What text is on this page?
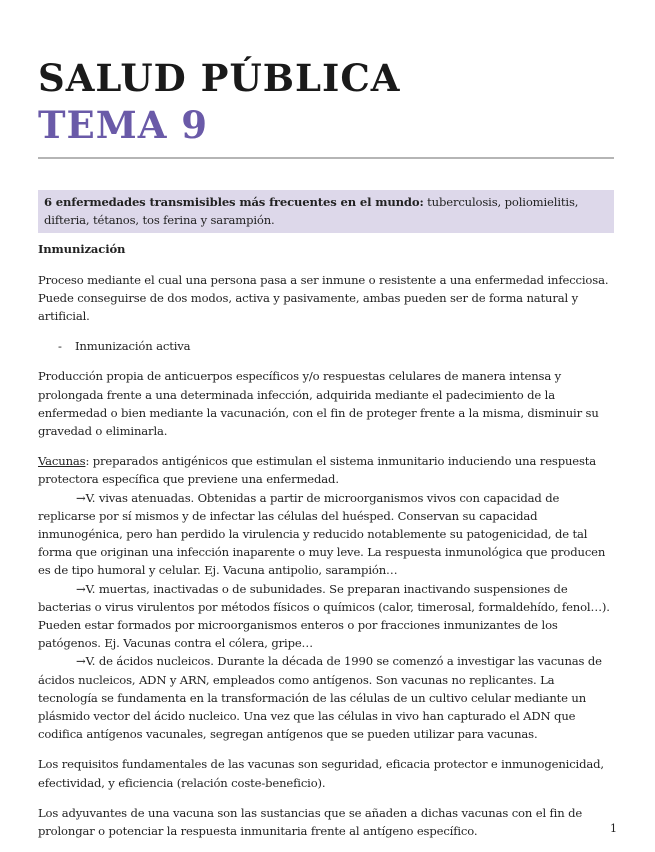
SALUD PÚBLICA
TEMA 9
6 enfermedades transmisibles más frecuentes en el mundo: tuberculosis, poliomielitis, difteria, tétanos, tos ferina y sarampión.

Inmunización

Proceso mediante el cual una persona pasa a ser inmune o resistente a una enfermedad infecciosa. Puede conseguirse de dos modos, activa y pasivamente, ambas pueden ser de forma natural y artificial.

- Inmunización activa

Producción propia de anticuerpos específicos y/o respuestas celulares de manera intensa y prolongada frente a una determinada infección, adquirida mediante el padecimiento de la enfermedad o bien mediante la vacunación, con el fin de proteger frente a la misma, disminuir su gravedad o eliminarla.

Vacunas: preparados antigénicos que estimulan el sistema inmunitario induciendo una respuesta protectora específica que previene una enfermedad.

→V. vivas atenuadas. Obtenidas a partir de microorganismos vivos con capacidad de replicarse por sí mismos y de infectar las células del huésped. Conservan su capacidad inmunogénica, pero han perdido la virulencia y reducido notablemente su patogenicidad, de tal forma que originan una infección inaparente o muy leve. La respuesta inmunológica que producen es de tipo humoral y celular. Ej. Vacuna antipolio, sarampión…

→V. muertas, inactivadas o de subunidades. Se preparan inactivando suspensiones de bacterias o virus virulentos por métodos físicos o químicos (calor, timerosal, formaldehído, fenol…). Pueden estar formados por microorganismos enteros o por fracciones inmunizantes de los patógenos. Ej. Vacunas contra el cólera, gripe…

→V. de ácidos nucleicos. Durante la década de 1990 se comenzó a investigar las vacunas de ácidos nucleicos, ADN y ARN, empleados como antígenos. Son vacunas no replicantes. La tecnología se fundamenta en la transformación de las células de un cultivo celular mediante un plásmido vector del ácido nucleico. Una vez que las células in vivo han capturado el ADN que codifica antígenos vacunales, segregan antígenos que se pueden utilizar para vacunas.

Los requisitos fundamentales de las vacunas son seguridad, eficacia protector e inmunogenicidad, efectividad, y eficiencia (relación coste-beneficio).

Los adyuvantes de una vacuna son las sustancias que se añaden a dichas vacunas con el fin de prolongar o potenciar la respuesta inmunitaria frente al antígeno específico.	1
